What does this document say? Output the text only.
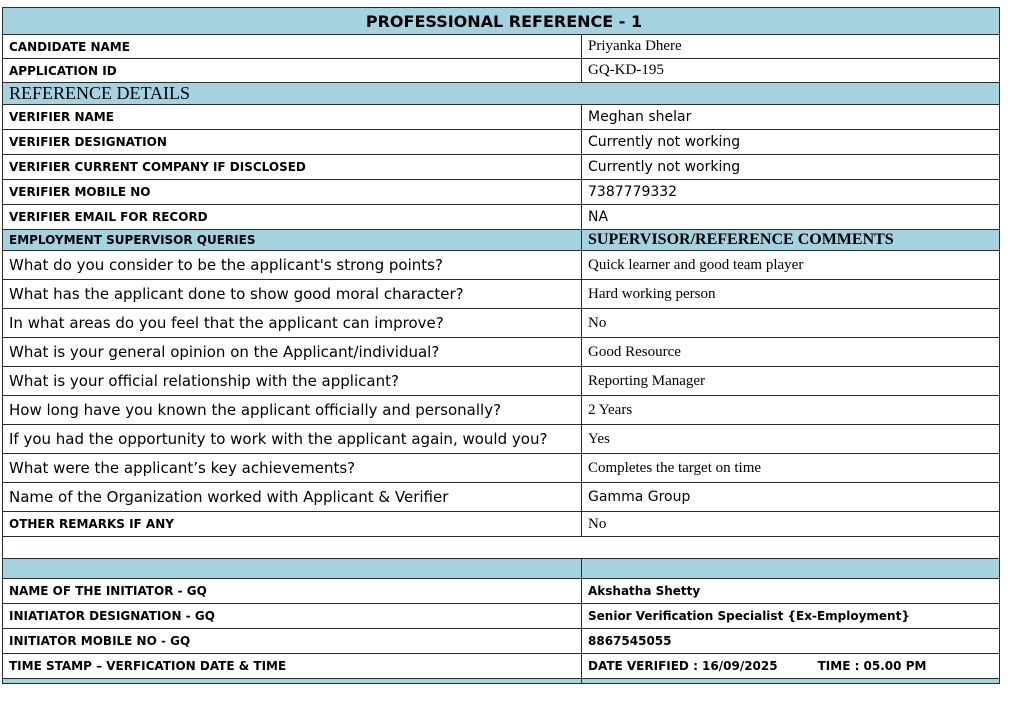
PROFESSIONAL REFERENCE - 1	
CANDIDATE NAME	Priyanka Dhere
APPLICATION ID	GQ-KD-195
REFERENCE DETAILS	
VERIFIER NAME	Meghan shelar
VERIFIER DESIGNATION	Currently not working
VERIFIER CURRENT COMPANY IF DISCLOSED	Currently not working
VERIFIER MOBILE NO	7387779332
VERIFIER EMAIL FOR RECORD	NA
EMPLOYMENT SUPERVISOR QUERIES	SUPERVISOR/REFERENCE COMMENTS
What do you consider to be the applicant's strong points?	Quick learner and good team player
What has the applicant done to show good moral character?	Hard working person
In what areas do you feel that the applicant can improve?	No
What is your general opinion on the Applicant/individual?	Good Resource
What is your official relationship with the applicant?	Reporting Manager
How long have you known the applicant officially and personally?	2 Years
If you had the opportunity to work with the applicant again, would you?	Yes
What were the applicant’s key achievements?	Completes the target on time
Name of the Organization worked with Applicant & Verifier	Gamma Group
OTHER REMARKS IF ANY	No

NAME OF THE INITIATOR - GQ	Akshatha Shetty
INIATIATOR DESIGNATION - GQ	Senior Verification Specialist {Ex-Employment}
INITIATOR MOBILE NO - GQ	8867545055
TIME STAMP – VERFICATION DATE & TIME	DATE VERIFIED : 16/09/2025 TIME : 05.00 PM
